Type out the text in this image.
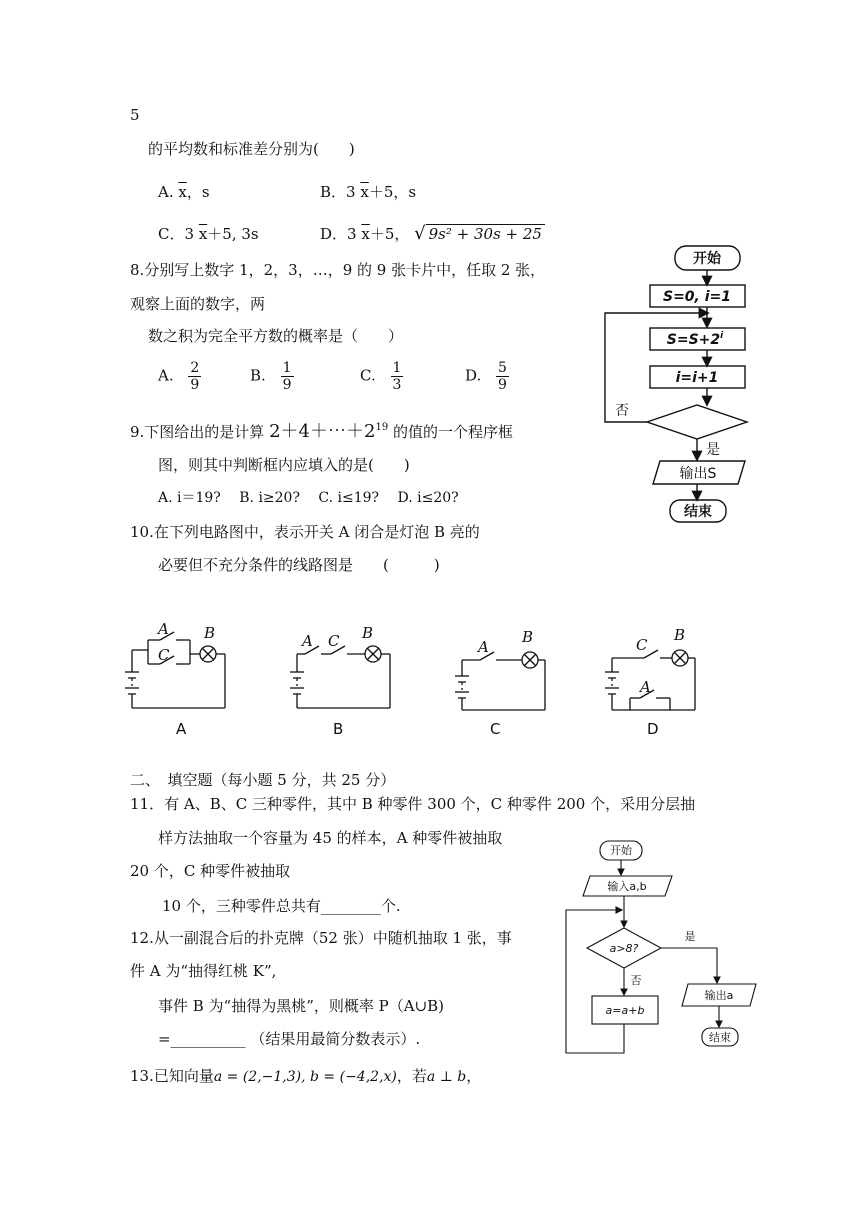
5
的平均数和标准差分别为(　　)
A. $\overline{x}$，s	B．3 $\overline{x}+5$，s
C．3 $\overline{x}+5$, 3s	D．3 $\overline{x}+5$， √ 9s² + 30s + 25
8.分别写上数字 1，2，3，…，9 的 9 张卡片中，任取 2 张，
观察上面的数字，两
数之积为完全平方数的概率是（　　）
A. $\frac{2}{9}$	B. $\frac{1}{9}$	C. $\frac{1}{3}$	D. $\frac{5}{9}$
9.下图给出的是计算 $2+4+\cdots+2^{19}$ 的值的一个程序框
图，则其中判断框内应填入的是(　　)
A. i＝19?　 B. i≥20?　 C. i≤19?　 D. i≤20?
10.在下列电路图中，表示开关 A 闭合是灯泡 B 亮的
必要但不充分条件的线路图是　　(　　　)
开始
S=0, i=1
$S=S+2^i$
i=i+1
否
是
输出S
结束
A
C
B	A C B
A
B	C
B
A
A	B	C	D
二、　填空题（每小题 5 分，共 25 分）
11．有 A、B、C 三种零件，其中 B 种零件 300 个，C 种零件 200 个，采用分层抽
样方法抽取一个容量为 45 的样本，A 种零件被抽取
20 个，C 种零件被抽取
10 个，三种零件总共有________个.
12.从一副混合后的扑克牌（52 张）中随机抽取 1 张，事
件 A 为“抽得红桃 K”,
事件 B 为“抽得为黑桃”，则概率 P（A∪B)
=__________ （结果用最简分数表示）.
13.已知向量a = (2,−1,3), b = (−4,2,x)，若a ⊥ b，
开始
输入a,b
a>8?
是
否
a=a+b
输出a
结束
